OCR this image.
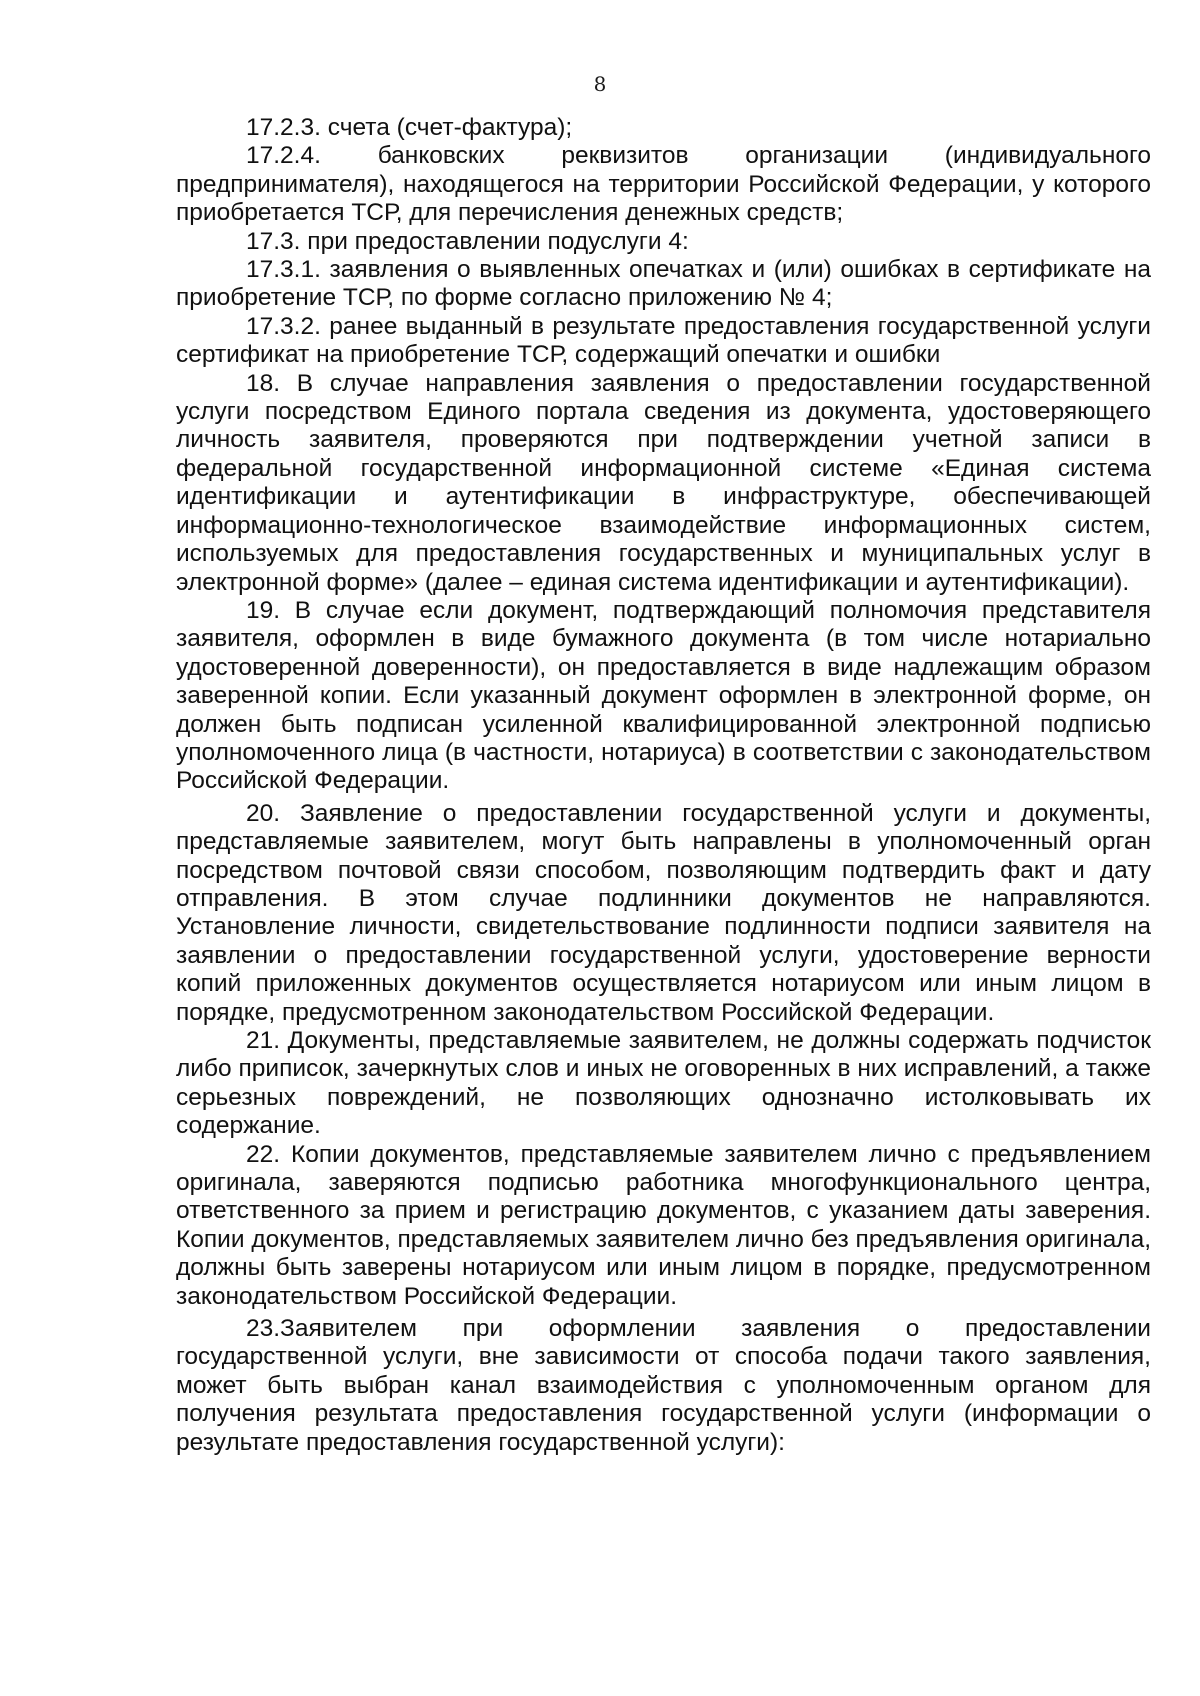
8

17.2.3. счета (счет-фактура);

17.2.4. банковских реквизитов организации (индивидуального предпринимателя), находящегося на территории Российской Федерации, у которого приобретается ТСР, для перечисления денежных средств;

17.3. при предоставлении подуслуги 4:

17.3.1. заявления о выявленных опечатках и (или) ошибках в сертификате на приобретение ТСР, по форме согласно приложению № 4;

17.3.2. ранее выданный в результате предоставления государственной услуги сертификат на приобретение ТСР, содержащий опечатки и ошибки

18. В случае направления заявления о предоставлении государственной услуги посредством Единого портала сведения из документа, удостоверяющего личность заявителя, проверяются при подтверждении учетной записи в федеральной государственной информационной системе «Единая система идентификации и аутентификации в инфраструктуре, обеспечивающей информационно-технологическое взаимодействие информационных систем, используемых для предоставления государственных и муниципальных услуг в электронной форме» (далее – единая система идентификации и аутентификации).

19. В случае если документ, подтверждающий полномочия представителя заявителя, оформлен в виде бумажного документа (в том числе нотариально удостоверенной доверенности), он предоставляется в виде надлежащим образом заверенной копии. Если указанный документ оформлен в электронной форме, он должен быть подписан усиленной квалифицированной электронной подписью уполномоченного лица (в частности, нотариуса) в соответствии с законодательством Российской Федерации.

20. Заявление о предоставлении государственной услуги и документы, представляемые заявителем, могут быть направлены в уполномоченный орган посредством почтовой связи способом, позволяющим подтвердить факт и дату отправления. В этом случае подлинники документов не направляются. Установление личности, свидетельствование подлинности подписи заявителя на заявлении о предоставлении государственной услуги, удостоверение верности копий приложенных документов осуществляется нотариусом или иным лицом в порядке, предусмотренном законодательством Российской Федерации.

21. Документы, представляемые заявителем, не должны содержать подчисток либо приписок, зачеркнутых слов и иных не оговоренных в них исправлений, а также серьезных повреждений, не позволяющих однозначно истолковывать их содержание.

22. Копии документов, представляемые заявителем лично с предъявлением оригинала, заверяются подписью работника многофункционального центра, ответственного за прием и регистрацию документов, с указанием даты заверения. Копии документов, представляемых заявителем лично без предъявления оригинала, должны быть заверены нотариусом или иным лицом в порядке, предусмотренном законодательством Российской Федерации.

23.Заявителем при оформлении заявления о предоставлении государственной услуги, вне зависимости от способа подачи такого заявления, может быть выбран канал взаимодействия с уполномоченным органом для получения результата предоставления государственной услуги (информации о результате предоставления государственной услуги):
